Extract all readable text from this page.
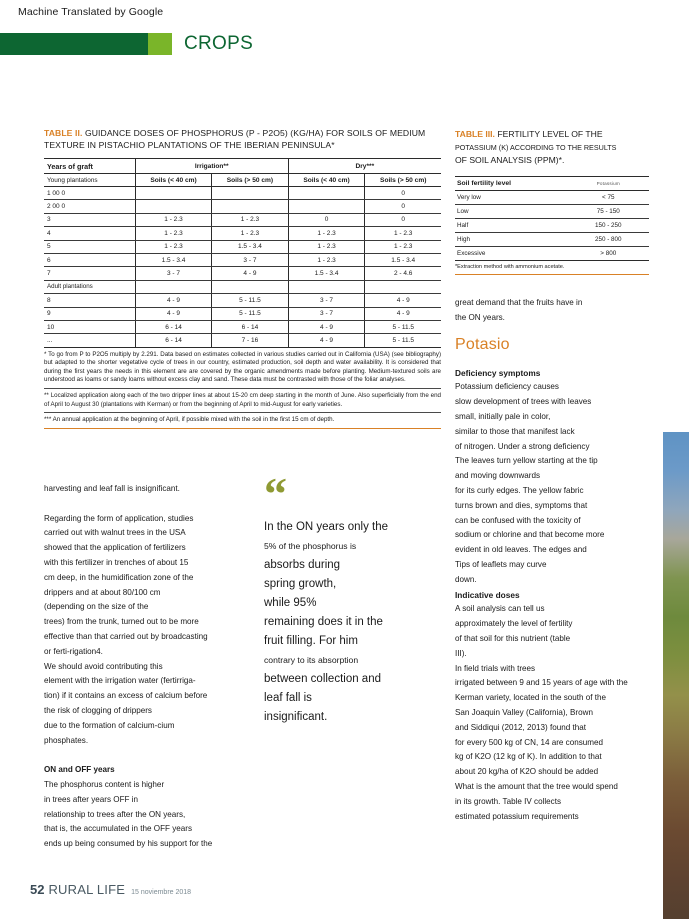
Machine Translated by Google
CROPS
TABLE II. GUIDANCE DOSES OF PHOSPHORUS (P - P2O5) (KG/HA) FOR SOILS OF MEDIUM TEXTURE IN PISTACHIO PLANTATIONS OF THE IBERIAN PENINSULA*
Years of graft	Irrigation**		Dry***	
Young plantations	Soils (< 40 cm)	Soils (> 50 cm)	Soils (< 40 cm)	Soils (> 50 cm)
1 00 0				0
2 00 0				0
3	1 - 2.3	1 - 2.3	0	0
4	1 - 2.3	1 - 2.3	1 - 2.3	1 - 2.3
5	1 - 2.3	1.5 - 3.4	1 - 2.3	1 - 2.3
6	1.5 - 3.4	3 - 7	1 - 2.3	1.5 - 3.4
7	3 - 7	4 - 9	1.5 - 3.4	2 - 4.6
Adult plantations				
8	4 - 9	5 - 11.5	3 - 7	4 - 9
9	4 - 9	5 - 11.5	3 - 7	4 - 9
10	6 - 14	6 - 14	4 - 9	5 - 11.5
...	6 - 14	7 - 16	4 - 9	5 - 11.5
* To go from P to P2O5 multiply by 2.291. Data based on estimates collected in various studies carried out in California (USA) (see bibliography) but adapted to the shorter vegetative cycle of trees in our country, estimated production, soil depth and water availability. It is considered that during the first years the needs in this element are are covered by the organic amendments made before planting. Medium-textured soils are understood as loams or sandy loams without excess clay and sand. These data must be contrasted with those of the foliar analyses.
** Localized application along each of the two dripper lines at about 15-20 cm deep starting in the month of June. Also superficially from the end of April to August 30 (plantations with Kerman) or from the beginning of April to mid-August for early varieties.
*** An annual application at the beginning of April, if possible mixed with the soil in the first 15 cm of depth.
TABLE III. FERTILITY LEVEL OF THE
POTASSIUM (K) ACCORDING TO THE RESULTS
OF SOIL ANALYSIS (PPM)*.
Soil fertility level	Potassium
Very low	< 75
Low	75 - 150
Half	150 - 250
High	250 - 800
Excessive	> 800
*Extraction method with ammonium acetate.

harvesting and leaf fall is insignificant.

Regarding the form of application, studies

carried out with walnut trees in the USA

showed that the application of fertilizers

with this fertilizer in trenches of about 15

cm deep, in the humidification zone of the

drippers and at about 80/100 cm

(depending on the size of the

trees) from the trunk, turned out to be more

effective than that carried out by broadcasting

or ferti-rigation4.

We should avoid contributing this

element with the irrigation water (fertirriga-

tion) if it contains an excess of calcium before

the risk of clogging of drippers

due to the formation of calcium-cium

phosphates.

ON and OFF years

The phosphorus content is higher

in trees after years OFF in

relationship to trees after the ON years,

that is, the accumulated in the OFF years

ends up being consumed by his support for the

“

In the ON years only the

5% of the phosphorus is

absorbs during

spring growth,

while 95%

remaining does it in the

fruit filling. For him

contrary to its absorption

between collection and

leaf fall is

insignificant.

great demand that the fruits have in

the ON years.

Potasio

Deficiency symptoms

Potassium deficiency causes

slow development of trees with leaves

small, initially pale in color,

similar to those that manifest lack

of nitrogen. Under a strong deficiency

The leaves turn yellow starting at the tip

and moving downwards

for its curly edges. The yellow fabric

turns brown and dies, symptoms that

can be confused with the toxicity of

sodium or chlorine and that become more

evident in old leaves. The edges and

Tips of leaflets may curve

down.

Indicative doses

A soil analysis can tell us

approximately the level of fertility

of that soil for this nutrient (table

III).

In field trials with trees

irrigated between 9 and 15 years of age with the

Kerman variety, located in the south of the

San Joaquin Valley (California), Brown

and Siddiqui (2012, 2013) found that

for every 500 kg of CN, 14 are consumed

kg of K2O (12 kg of K). In addition to that

about 20 kg/ha of K2O should be added

What is the amount that the tree would spend

in its growth. Table IV collects

estimated potassium requirements

52 RURAL LIFE 15 noviembre 2018
